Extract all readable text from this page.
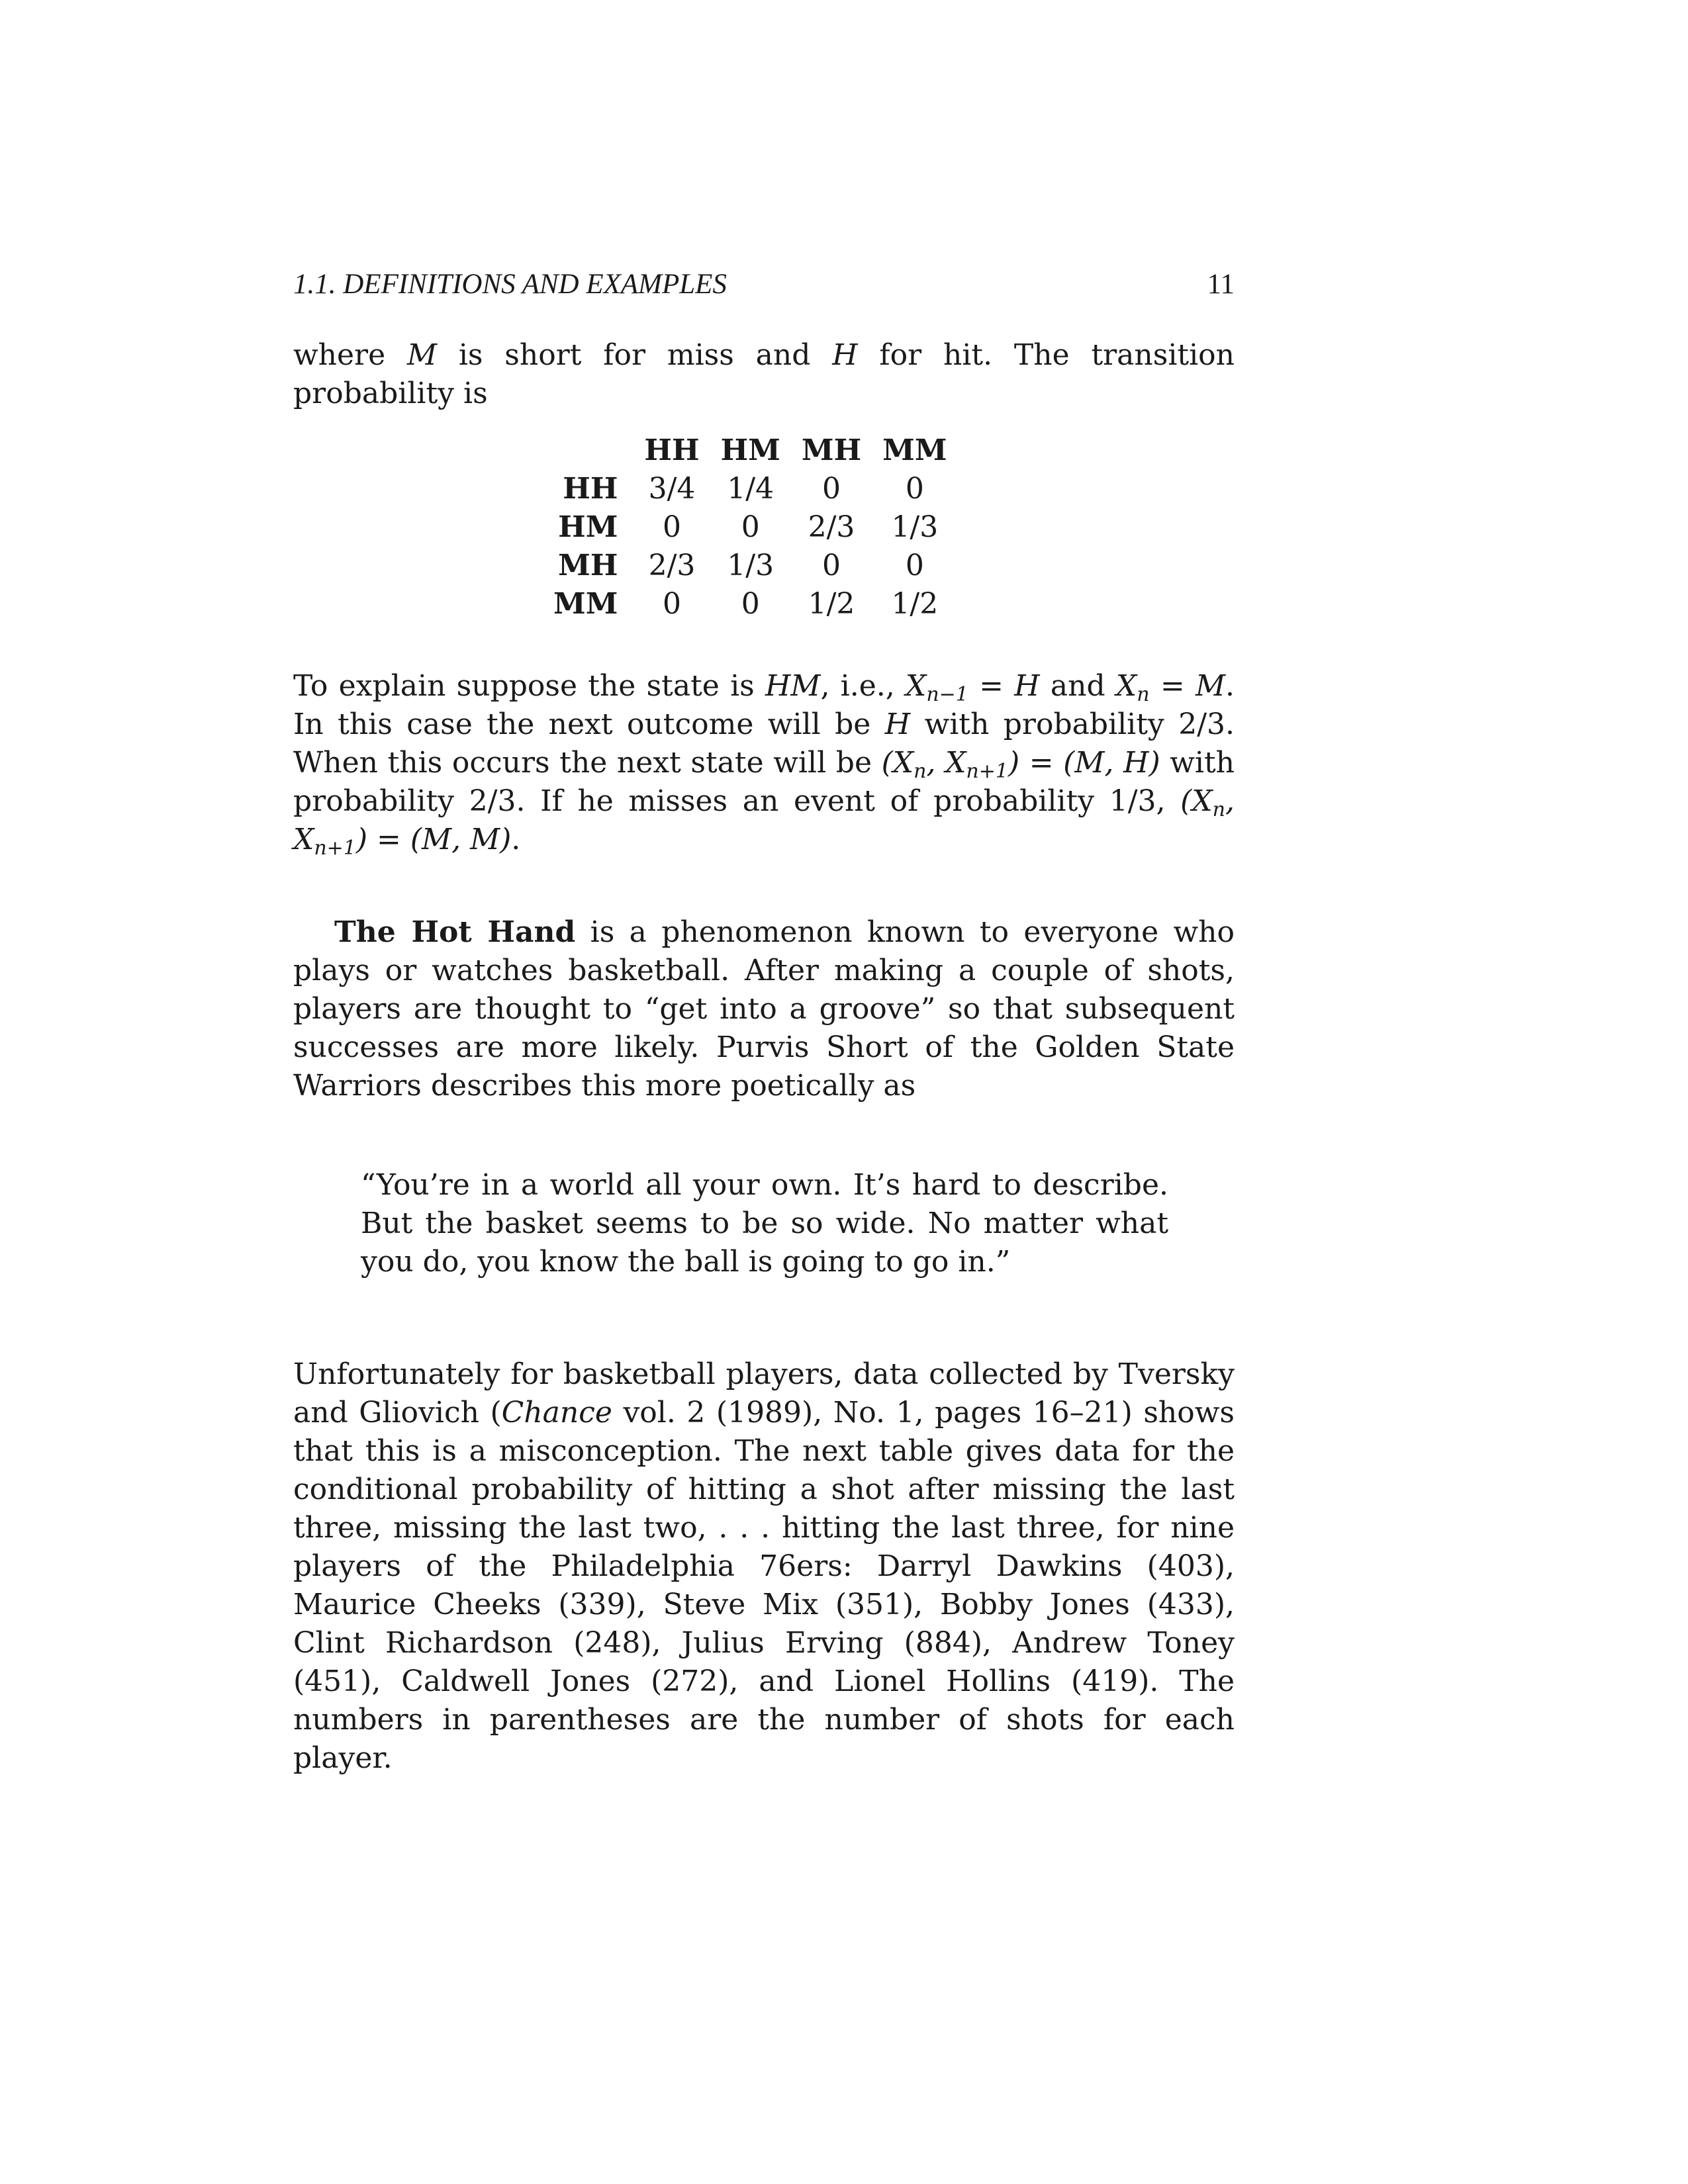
1.1. DEFINITIONS AND EXAMPLES	11

where M is short for miss and H for hit. The transition probability is

	HH	HM	MH	MM
HH	3/4	1/4	0	0
HM	0	0	2/3	1/3
MH	2/3	1/3	0	0
MM	0	0	1/2	1/2

To explain suppose the state is HM, i.e., $X_{n-1} = H$ and $X_n = M$. In this case the next outcome will be H with probability 2/3. When this occurs the next state will be ($X_n$, $X_{n+1}) = (M$, H) with probability 2/3. If he misses an event of probability 1/3, ($X_n$, $X_{n+1}) = (M$, M).

The Hot Hand is a phenomenon known to everyone who plays or watches basketball. After making a couple of shots, players are thought to “get into a groove” so that subsequent successes are more likely. Purvis Short of the Golden State Warriors describes this more poetically as

“You’re in a world all your own. It’s hard to describe. But the basket seems to be so wide. No matter what you do, you know the ball is going to go in.”

Unfortunately for basketball players, data collected by Tversky and Gliovich (Chance vol. 2 (1989), No. 1, pages 16–21) shows that this is a misconception. The next table gives data for the conditional probability of hitting a shot after missing the last three, missing the last two, . . . hitting the last three, for nine players of the Philadelphia 76ers: Darryl Dawkins (403), Maurice Cheeks (339), Steve Mix (351), Bobby Jones (433), Clint Richardson (248), Julius Erving (884), Andrew Toney (451), Caldwell Jones (272), and Lionel Hollins (419). The numbers in parentheses are the number of shots for each player.
